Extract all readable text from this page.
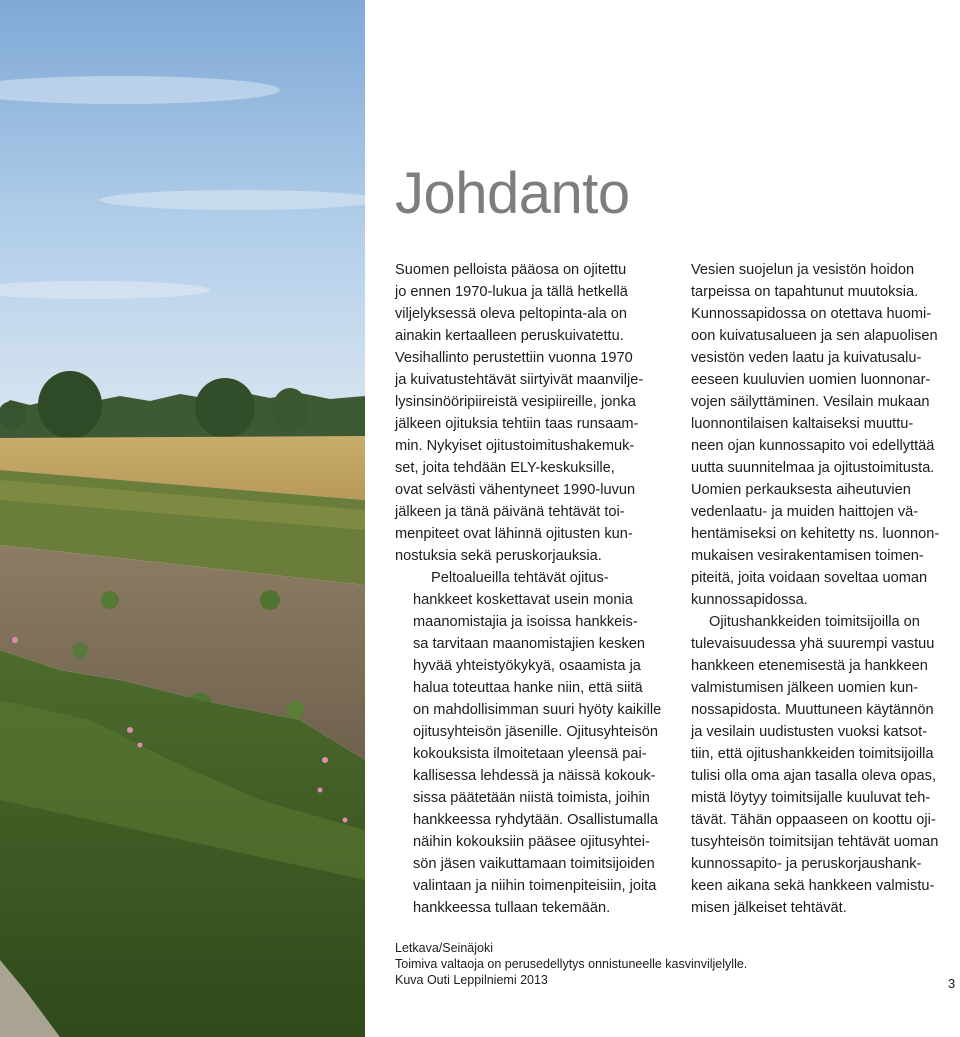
Johdanto

Suomen pelloista pääosa on ojitettu
jo ennen 1970-lukua ja tällä hetkellä
viljelyksessä oleva peltopinta-ala on
ainakin kertaalleen peruskuivatettu.
Vesihallinto perustettiin vuonna 1970
ja kuivatustehtävät siirtyivät maanvilje-
lysinsinööripiireistä vesipiireille, jonka
jälkeen ojituksia tehtiin taas runsaam-
min. Nykyiset ojitustoimitushakemuk-
set, joita tehdään ELY-keskuksille,
ovat selvästi vähentyneet 1990-luvun
jälkeen ja tänä päivänä tehtävät toi-
menpiteet ovat lähinnä ojitusten kun-
nostuksia sekä peruskorjauksia.

Peltoalueilla tehtävät ojitus-
hankkeet koskettavat usein monia
maanomistajia ja isoissa hankkeis-
sa tarvitaan maanomistajien kesken
hyvää yhteistyökykyä, osaamista ja
halua toteuttaa hanke niin, että siitä
on mahdollisimman suuri hyöty kaikille
ojitusyhteisön jäsenille. Ojitusyhteisön
kokouksista ilmoitetaan yleensä pai-
kallisessa lehdessä ja näissä kokouk-
sissa päätetään niistä toimista, joihin
hankkeessa ryhdytään. Osallistumalla
näihin kokouksiin pääsee ojitusyhtei-
sön jäsen vaikuttamaan toimitsijoiden
valintaan ja niihin toimenpiteisiin, joita
hankkeessa tullaan tekemään.

Vesien suojelun ja vesistön hoidon
tarpeissa on tapahtunut muutoksia.
Kunnossapidossa on otettava huomi-
oon kuivatusalueen ja sen alapuolisen
vesistön veden laatu ja kuivatusalu-
eeseen kuuluvien uomien luonnonar-
vojen säilyttäminen. Vesilain mukaan
luonnontilaisen kaltaiseksi muuttu-
neen ojan kunnossapito voi edellyttää
uutta suunnitelmaa ja ojitustoimitusta.
Uomien perkauksesta aiheutuvien
vedenlaatu- ja muiden haittojen vä-
hentämiseksi on kehitetty ns. luonnon-
mukaisen vesirakentamisen toimen-
piteitä, joita voidaan soveltaa uoman
kunnossapidossa.

Ojitushankkeiden toimitsijoilla on
tulevaisuudessa yhä suurempi vastuu
hankkeen etenemisestä ja hankkeen
valmistumisen jälkeen uomien kun-
nossapidosta. Muuttuneen käytännön
ja vesilain uudistusten vuoksi katsot-
tiin, että ojitushankkeiden toimitsijoilla
tulisi olla oma ajan tasalla oleva opas,
mistä löytyy toimitsijalle kuuluvat teh-
tävät. Tähän oppaaseen on koottu oji-
tusyhteisön toimitsijan tehtävät uoman
kunnossapito- ja peruskorjaushank-
keen aikana sekä hankkeen valmistu-
misen jälkeiset tehtävät.

Letkava/Seinäjoki
Toimiva valtaoja on perusedellytys onnistuneelle kasvinviljelylle.
Kuva Outi Leppilniemi 2013	3
